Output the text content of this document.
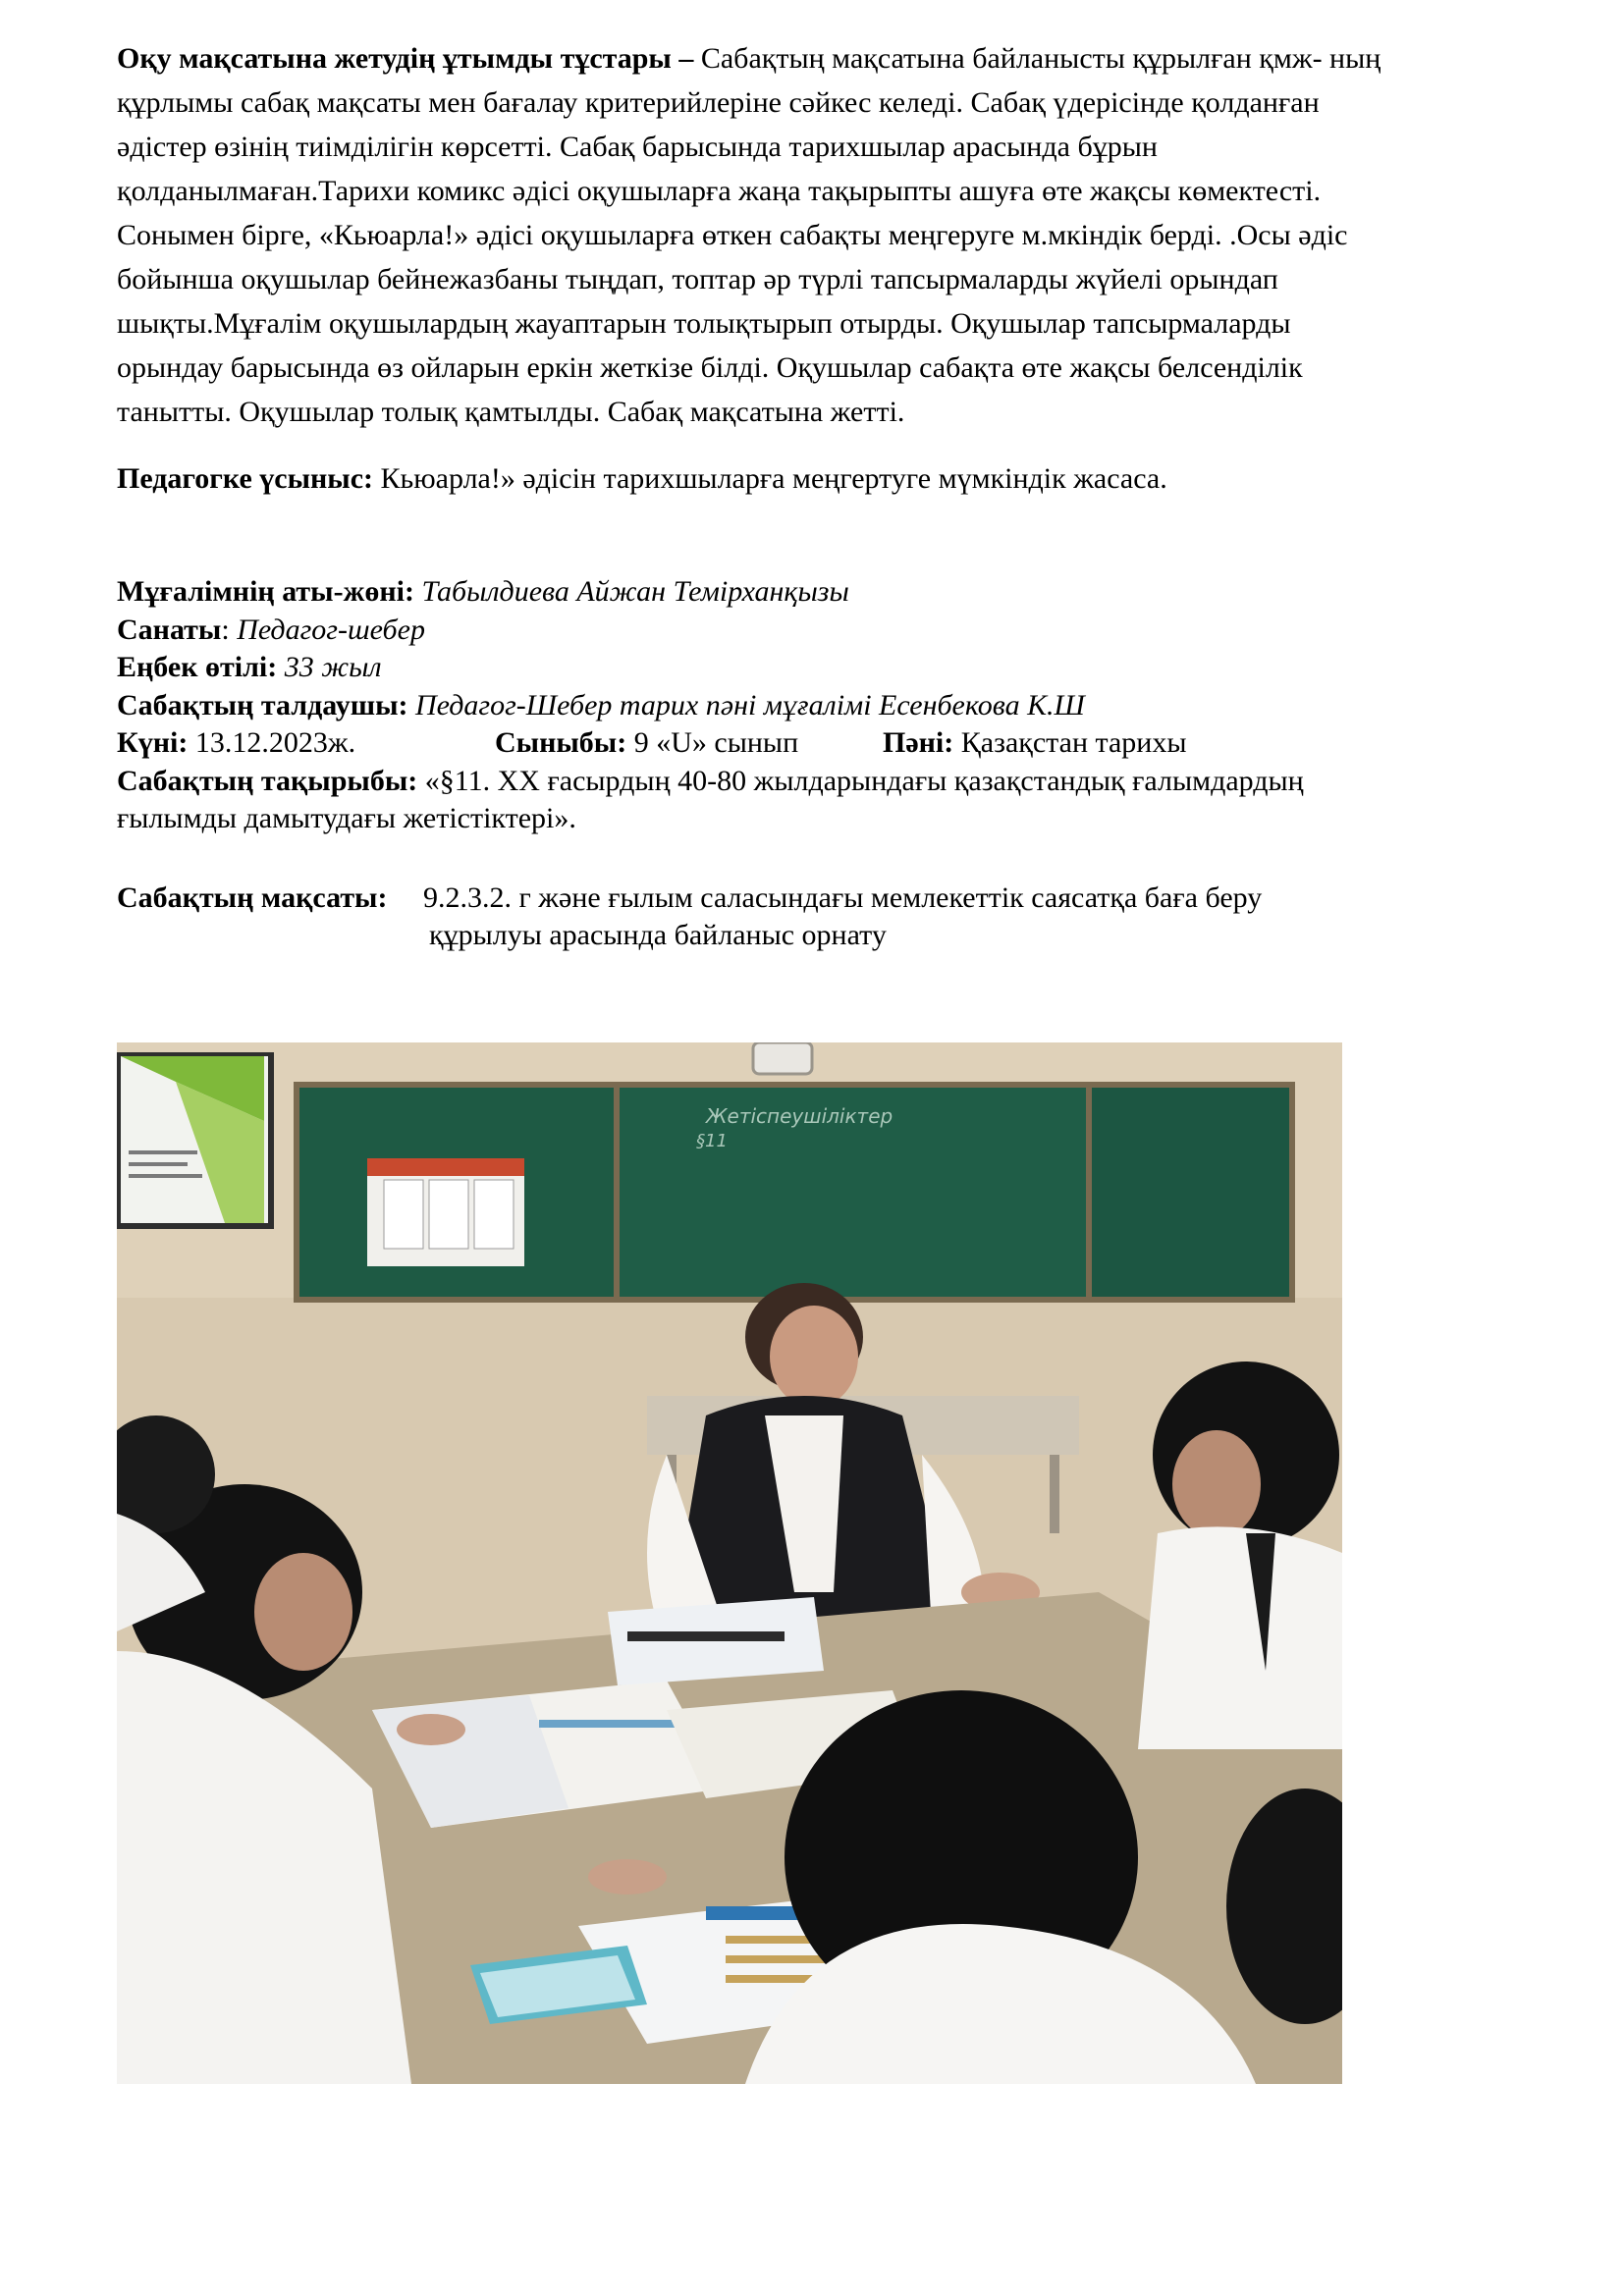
Оқу мақсатына жетудің ұтымды тұстары – Сабақтың мақсатына байланысты құрылған қмж- ның
құрлымы сабақ мақсаты мен бағалау критерийлеріне сәйкес келеді. Сабақ үдерісінде қолданған
әдістер өзінің тиімділігін көрсетті. Сабақ барысында тарихшылар арасында бұрын
қолданылмаған.Тарихи комикс әдісі оқушыларға жаңа тақырыпты ашуға өте жақсы көмектесті.
Сонымен бірге, «Кьюарла!» әдісі оқушыларға өткен сабақты меңгеруге м.мкіндік берді. .Осы әдіс
бойынша оқушылар бейнежазбаны тыңдап, топтар әр түрлі тапсырмаларды жүйелі орындап
шықты.Мұғалім оқушылардың жауаптарын толықтырып отырды. Оқушылар тапсырмаларды
орындау барысында өз ойларын еркін жеткізе білді. Оқушылар сабақта өте жақсы белсенділік
танытты. Оқушылар толық қамтылды. Сабақ мақсатына жетті.
Педагогке үсыныс: Кьюарла!» әдісін тарихшыларға меңгертуге мүмкіндік жасаса.
Мұғалімнің аты-жөні: Табылдиева Айжан Темірханқызы
Санаты: Педагог-шебер
Еңбек өтілі: 33 жыл
Сабақтың талдаушы: Педагог-Шебер тарих пәні мұғалімі Есенбекова К.Ш
Күні: 13.12.2023ж.	Сыныбы: 9 «U» сынып	Пәні: Қазақстан тарихы
Сабақтың тақырыбы: «§11. ХХ ғасырдың 40-80 жылдарындағы қазақстандық ғалымдардың
ғылымды дамытудағы жетістіктері».
Сабақтың мақсаты: 9.2.3.2. г және ғылым саласындағы мемлекеттік саясатқа баға беру
құрылуы арасында байланыс орнату
Жетіспеушіліктер
§11
